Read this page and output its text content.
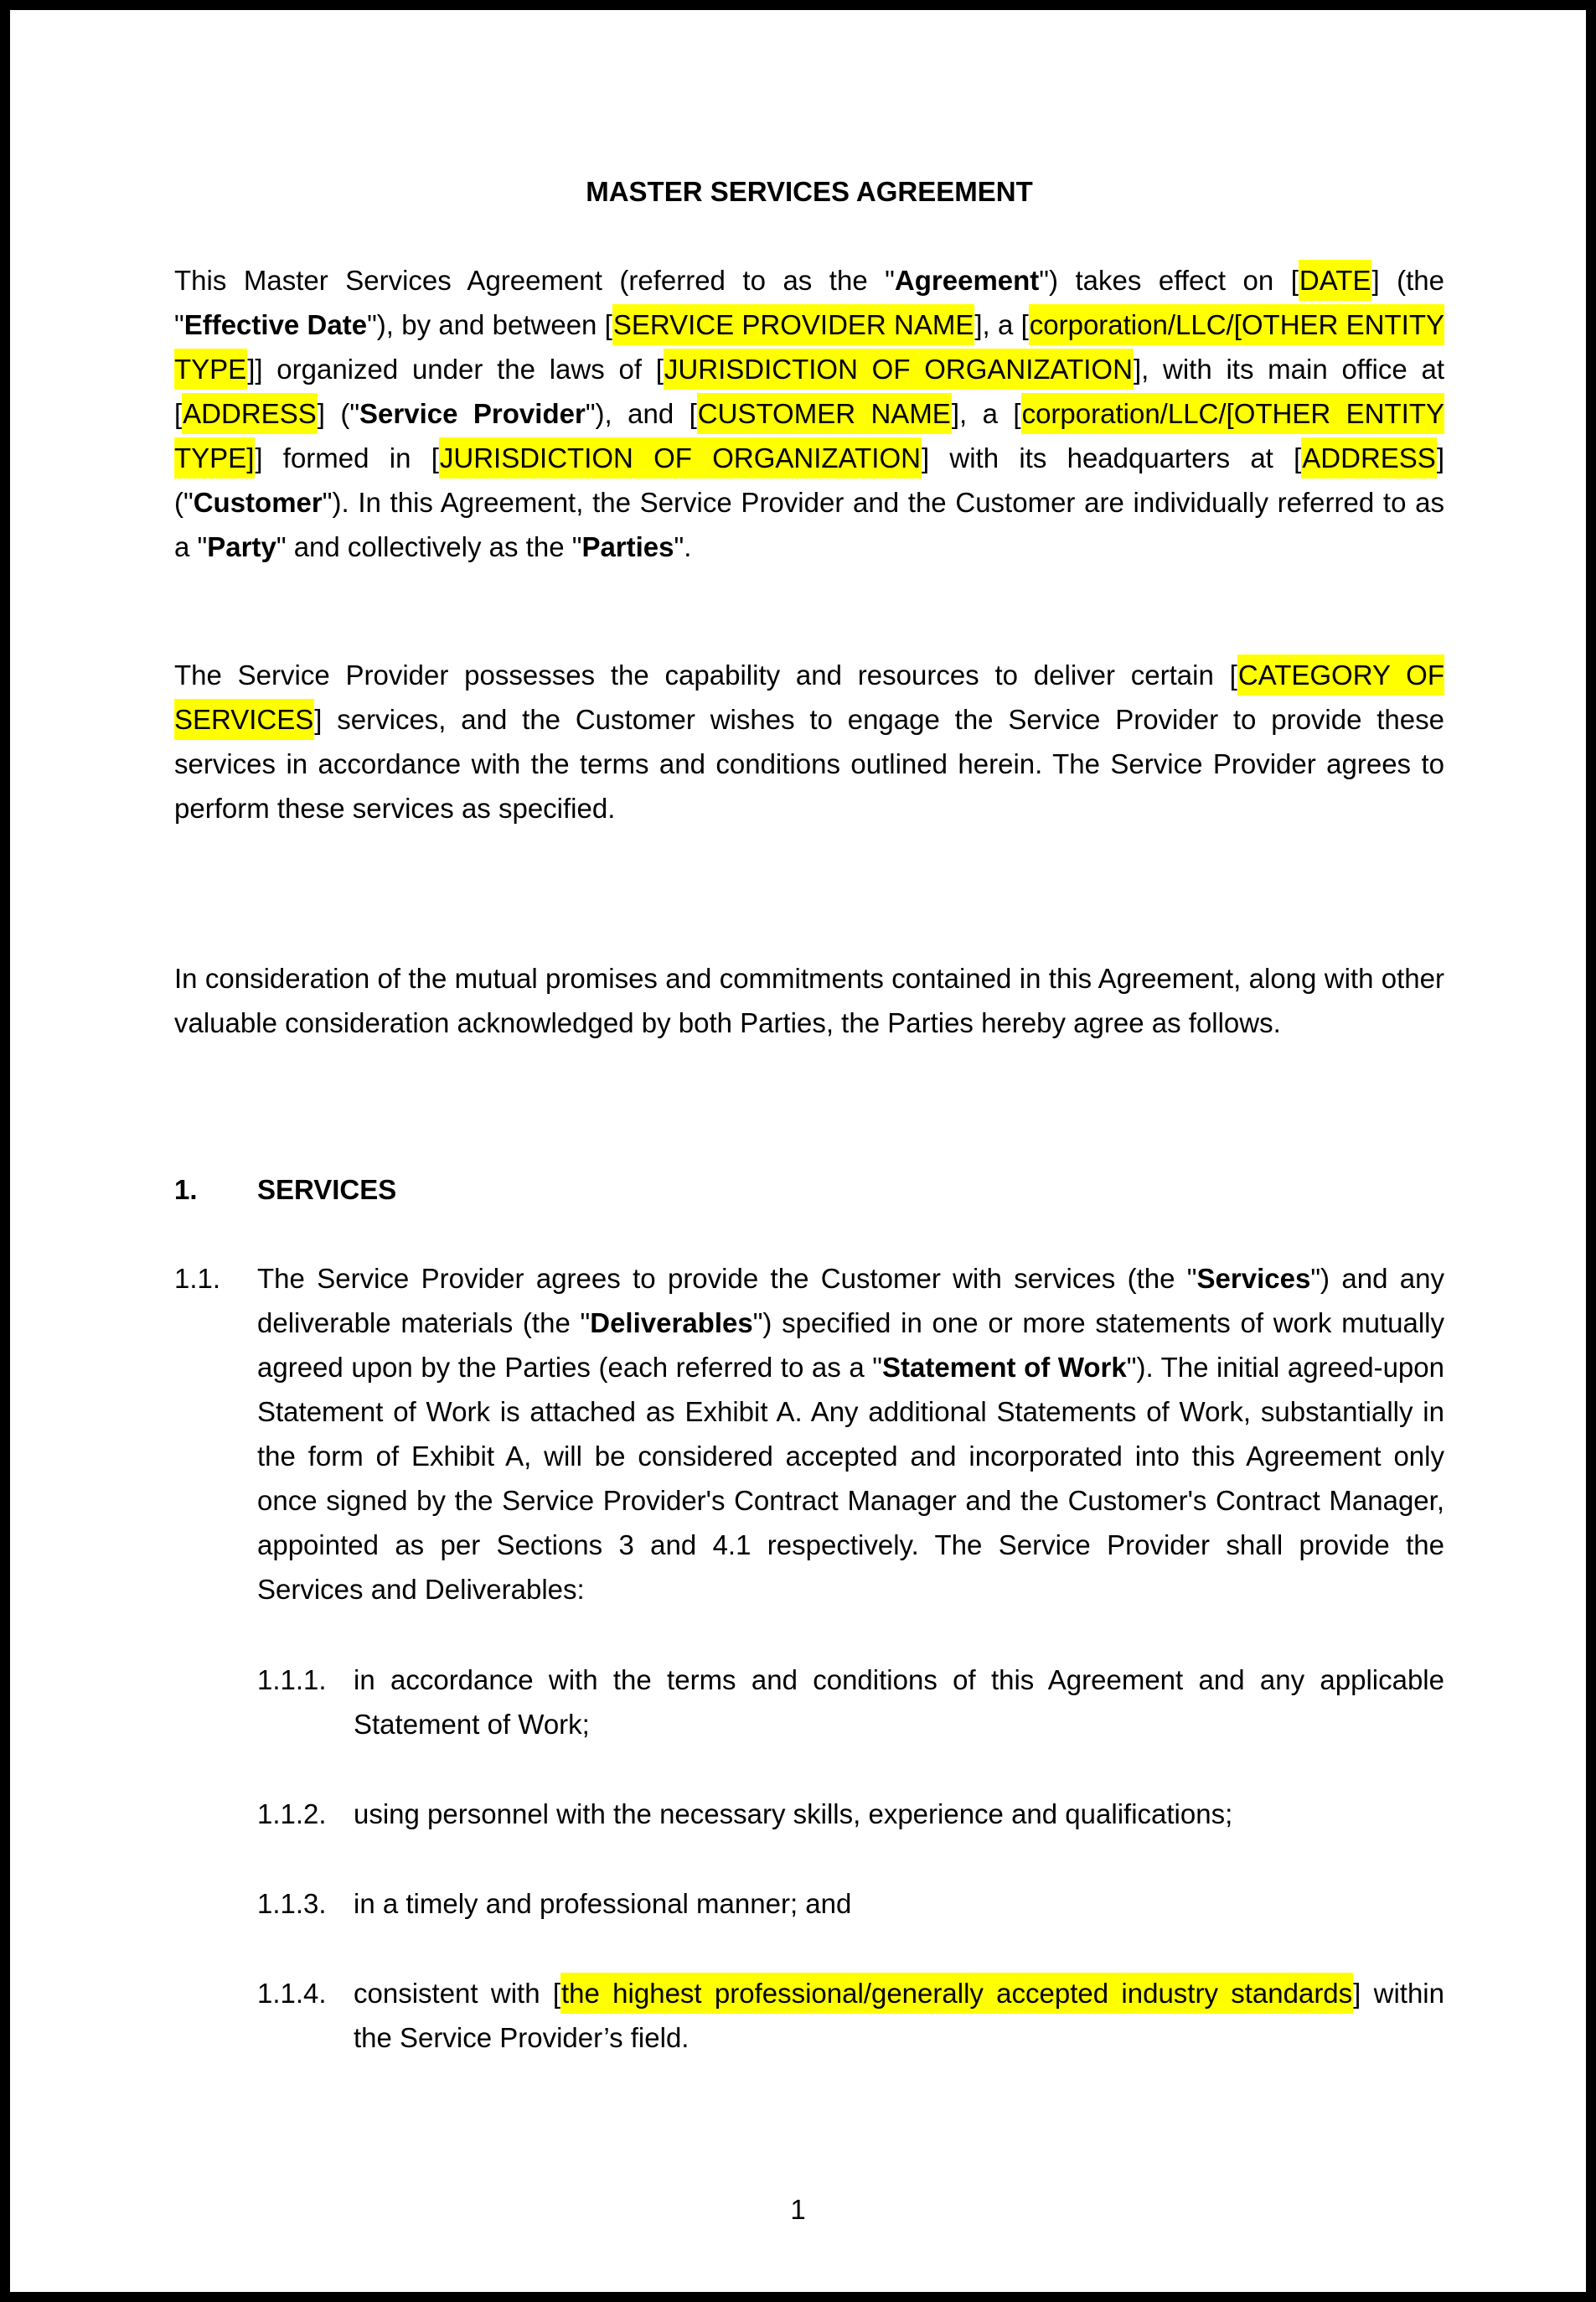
MASTER SERVICES AGREEMENT

This Master Services Agreement (referred to as the "Agreement") takes effect on [DATE] (the "Effective Date"), by and between [SERVICE PROVIDER NAME], a [corporation/LLC/[OTHER ENTITY TYPE]] organized under the laws of [JURISDICTION OF ORGANIZATION], with its main office at [ADDRESS] ("Service Provider"), and [CUSTOMER NAME], a [corporation/LLC/[OTHER ENTITY TYPE]] formed in [JURISDICTION OF ORGANIZATION] with its headquarters at [ADDRESS] ("Customer"). In this Agreement, the Service Provider and the Customer are individually referred to as a "Party" and collectively as the "Parties".

The Service Provider possesses the capability and resources to deliver certain [CATEGORY OF SERVICES] services, and the Customer wishes to engage the Service Provider to provide these services in accordance with the terms and conditions outlined herein. The Service Provider agrees to perform these services as specified.

In consideration of the mutual promises and commitments contained in this Agreement, along with other valuable consideration acknowledged by both Parties, the Parties hereby agree as follows.

1. SERVICES
1.1. The Service Provider agrees to provide the Customer with services (the "Services") and any deliverable materials (the "Deliverables") specified in one or more statements of work mutually agreed upon by the Parties (each referred to as a "Statement of Work"). The initial agreed-upon Statement of Work is attached as Exhibit A. Any additional Statements of Work, substantially in the form of Exhibit A, will be considered accepted and incorporated into this Agreement only once signed by the Service Provider's Contract Manager and the Customer's Contract Manager, appointed as per Sections 3 and 4.1 respectively. The Service Provider shall provide the Services and Deliverables:
1.1.1. in accordance with the terms and conditions of this Agreement and any applicable Statement of Work;
1.1.2. using personnel with the necessary skills, experience and qualifications;
1.1.3. in a timely and professional manner; and
1.1.4. consistent with [the highest professional/generally accepted industry standards] within the Service Provider’s field.
1
